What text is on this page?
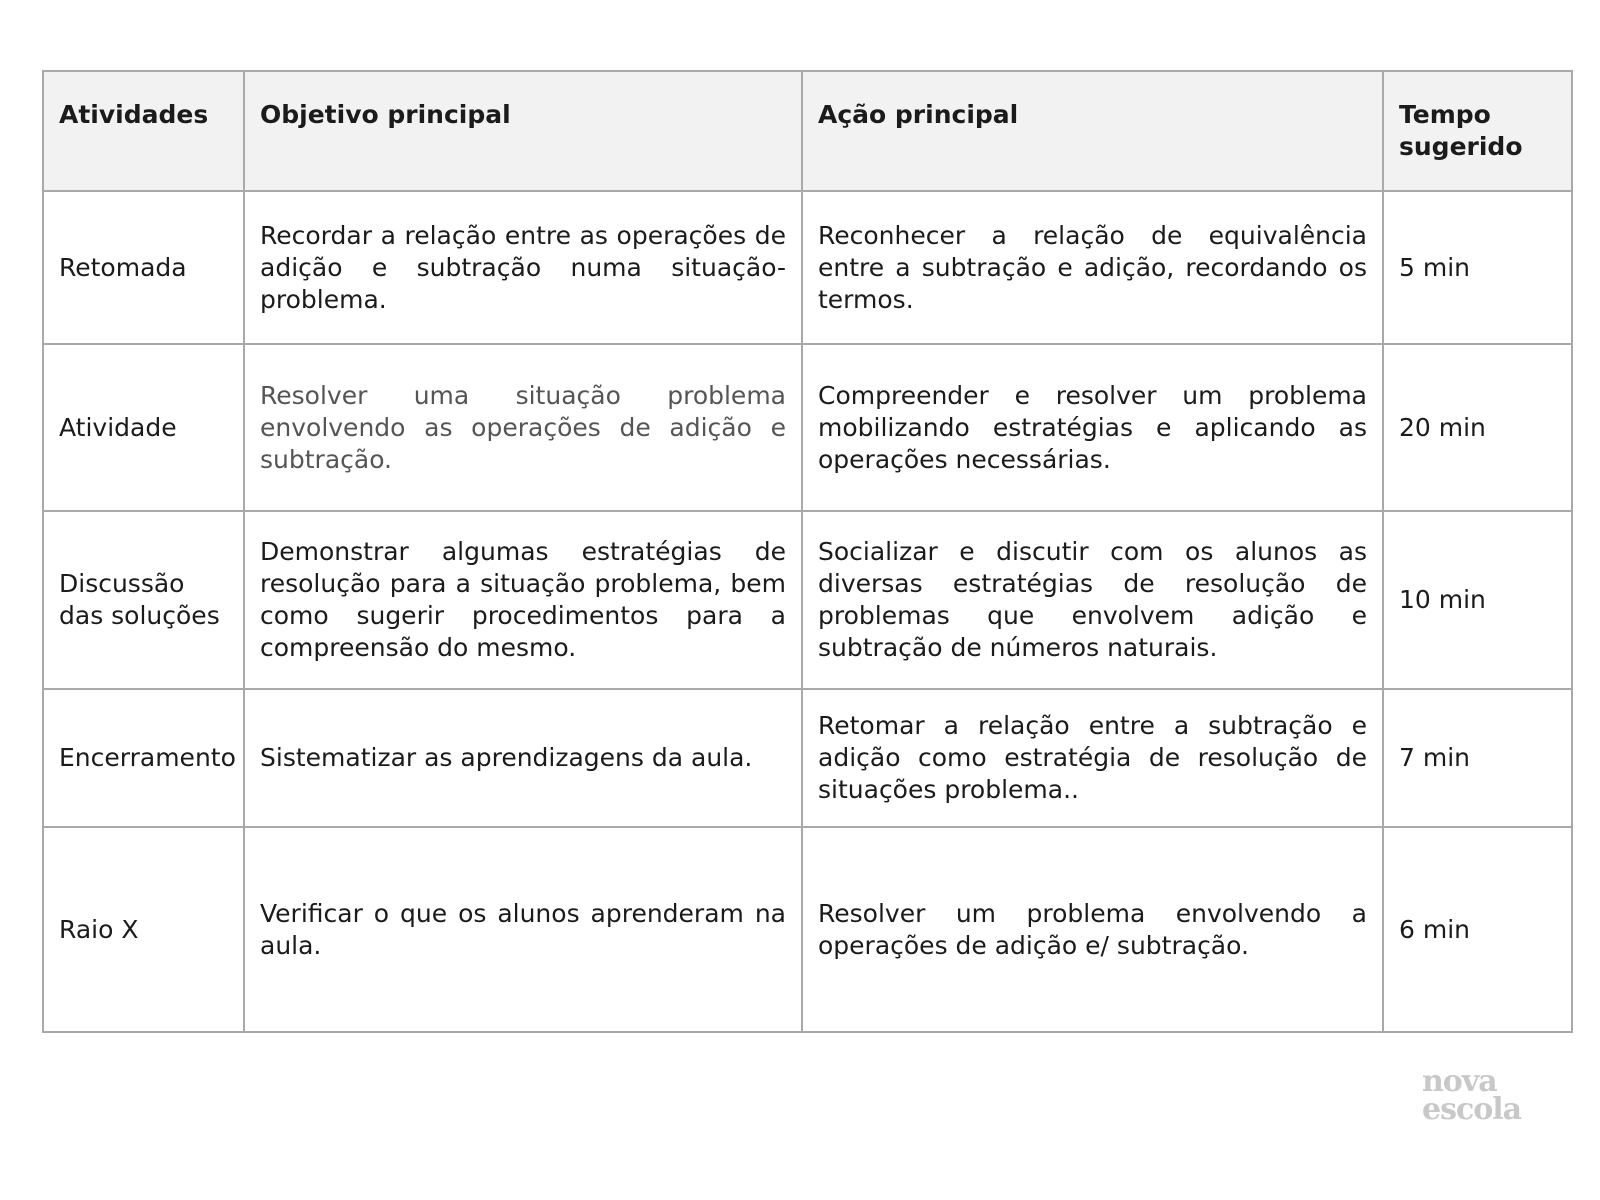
Atividades	Objetivo principal	Ação principal	Tempo sugerido
Retomada	Recordar a relação entre as operações de adição e subtração numa situação-problema.	Reconhecer a relação de equivalência entre a subtração e adição, recordando os termos.	5 min
Atividade	Resolver uma situação problema envolvendo as operações de adição e subtração.	Compreender e resolver um problema mobilizando estratégias e aplicando as operações necessárias.	20 min
Discussão das soluções	Demonstrar algumas estratégias de resolução para a situação problema, bem como sugerir procedimentos para a compreensão do mesmo.	Socializar e discutir com os alunos as diversas estratégias de resolução de problemas que envolvem adição e subtração de números naturais.	10 min
Encerramento	Sistematizar as aprendizagens da aula.	Retomar a relação entre a subtração e adição como estratégia de resolução de situações problema..	7 min
Raio X	Verificar o que os alunos aprenderam na aula.	Resolver um problema envolvendo a operações de adição e/ subtração.	6 min
nova
escola
